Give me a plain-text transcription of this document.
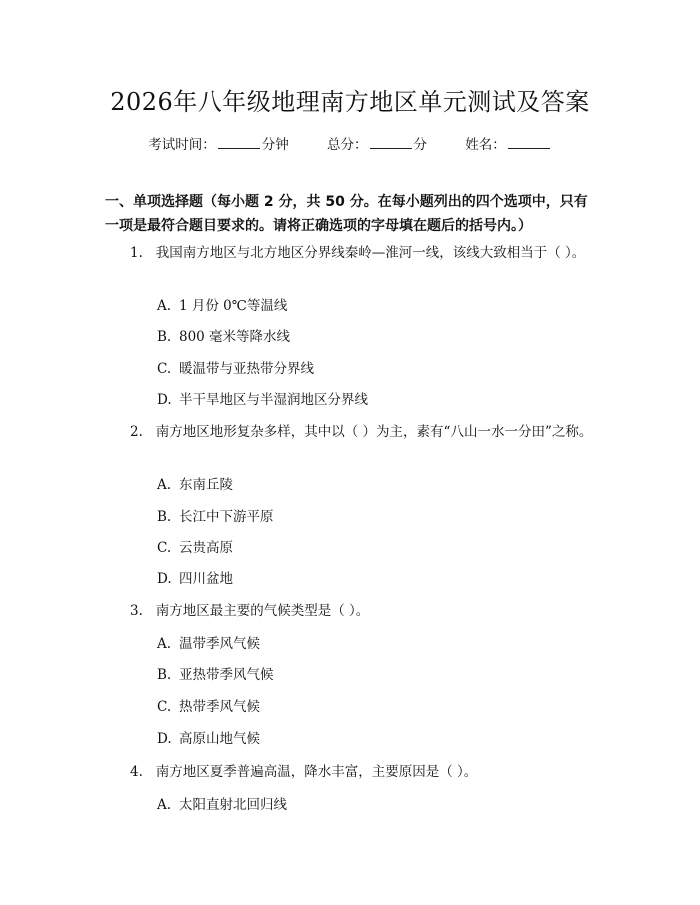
2026年八年级地理南方地区单元测试及答案
考试时间：	分钟	总分：	分	姓名：
一、单项选择题（每小题 2 分，共 50 分。在每小题列出的四个选项中，只有一项是最符合题目要求的。请将正确选项的字母填在题后的括号内。）
1. 我国南方地区与北方地区分界线秦岭—淮河一线，该线大致相当于（ ）。
A. 1 月份 0℃等温线
B. 800 毫米等降水线
C. 暖温带与亚热带分界线
D. 半干旱地区与半湿润地区分界线
2. 南方地区地形复杂多样，其中以（ ）为主，素有“八山一水一分田”之称。
A. 东南丘陵
B. 长江中下游平原
C. 云贵高原
D. 四川盆地
3. 南方地区最主要的气候类型是（ ）。
A. 温带季风气候
B. 亚热带季风气候
C. 热带季风气候
D. 高原山地气候
4. 南方地区夏季普遍高温，降水丰富，主要原因是（ ）。
A. 太阳直射北回归线
